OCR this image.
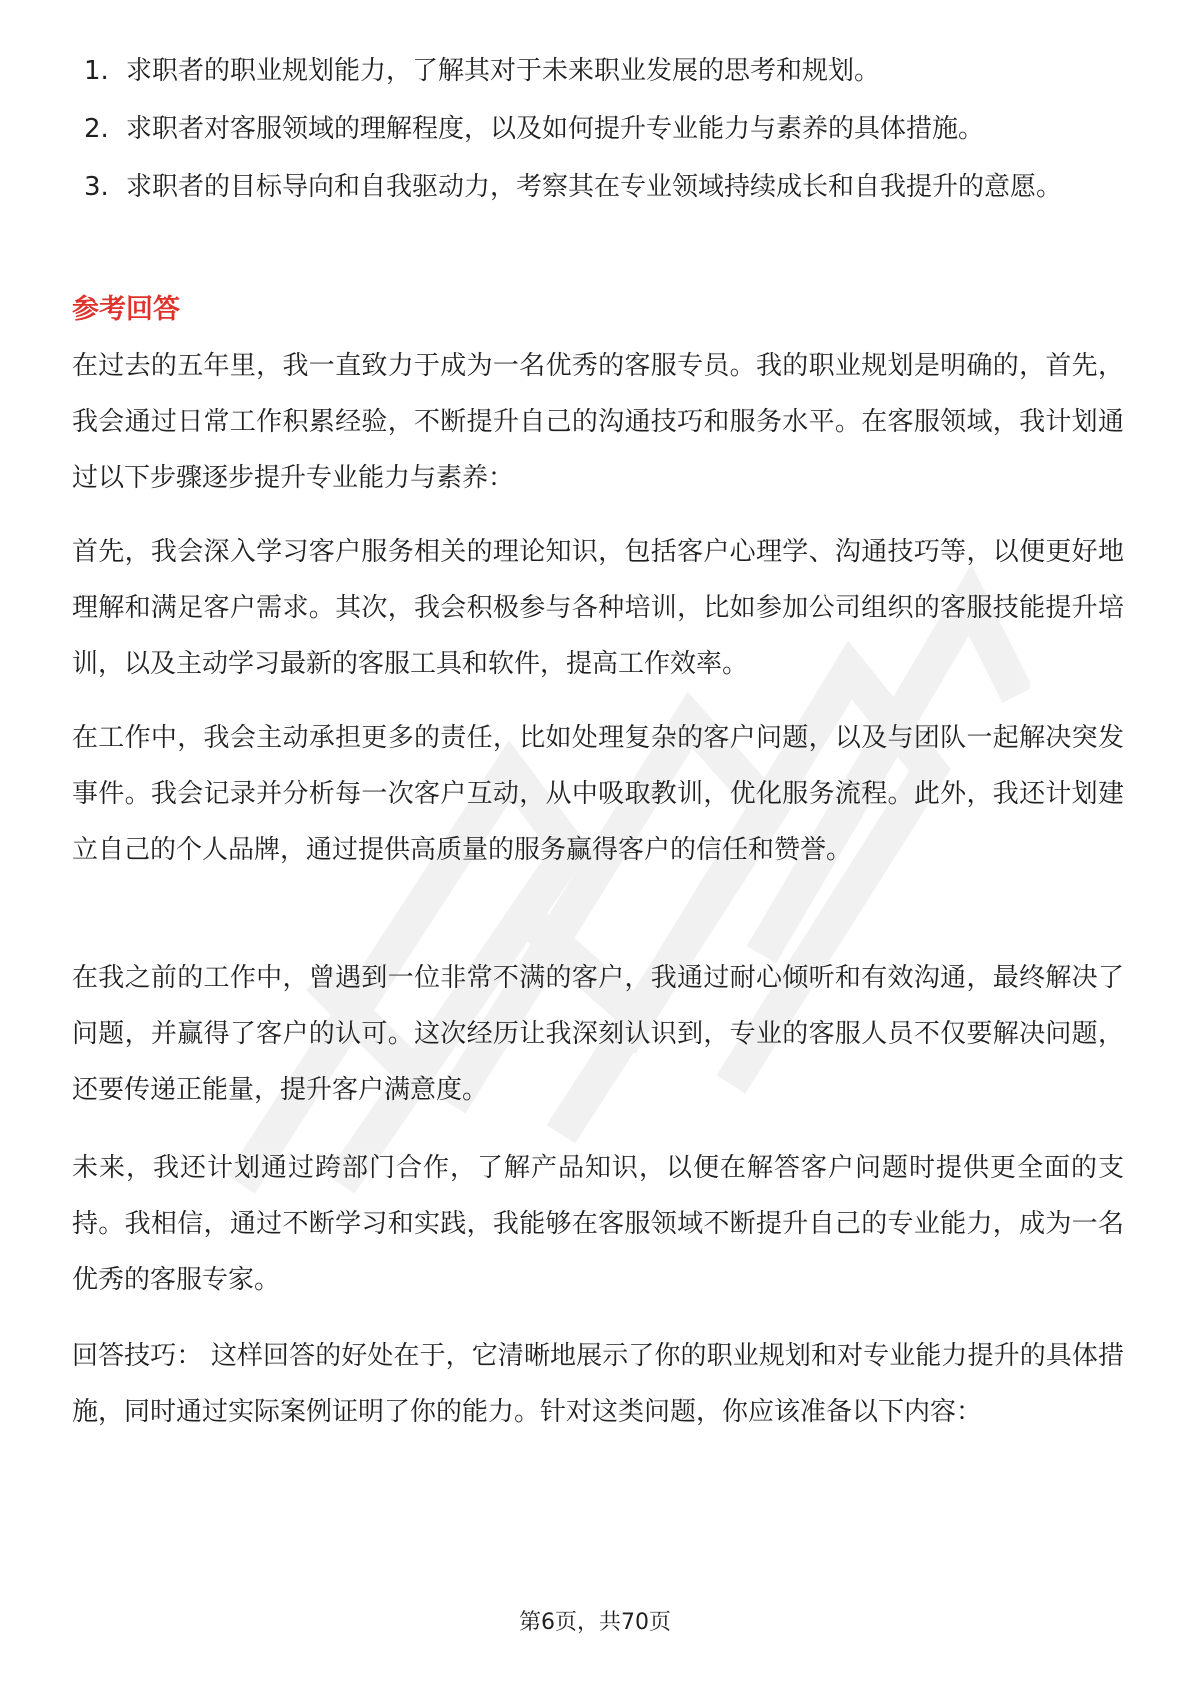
1. 求职者的职业规划能力，了解其对于未来职业发展的思考和规划。
2. 求职者对客服领域的理解程度，以及如何提升专业能力与素养的具体措施。
3. 求职者的目标导向和自我驱动力，考察其在专业领域持续成长和自我提升的意愿。
参考回答

在过去的五年里，我一直致力于成为一名优秀的客服专员。我的职业规划是明确的，首先，我会通过日常工作积累经验，不断提升自己的沟通技巧和服务水平。在客服领域，我计划通过以下步骤逐步提升专业能力与素养：

首先，我会深入学习客户服务相关的理论知识，包括客户心理学、沟通技巧等，以便更好地理解和满足客户需求。其次，我会积极参与各种培训，比如参加公司组织的客服技能提升培训，以及主动学习最新的客服工具和软件，提高工作效率。

在工作中，我会主动承担更多的责任，比如处理复杂的客户问题，以及与团队一起解决突发事件。我会记录并分析每一次客户互动，从中吸取教训，优化服务流程。此外，我还计划建立自己的个人品牌，通过提供高质量的服务赢得客户的信任和赞誉。

在我之前的工作中，曾遇到一位非常不满的客户，我通过耐心倾听和有效沟通，最终解决了问题，并赢得了客户的认可。这次经历让我深刻认识到，专业的客服人员不仅要解决问题，还要传递正能量，提升客户满意度。

未来，我还计划通过跨部门合作，了解产品知识，以便在解答客户问题时提供更全面的支持。我相信，通过不断学习和实践，我能够在客服领域不断提升自己的专业能力，成为一名优秀的客服专家。

回答技巧： 这样回答的好处在于，它清晰地展示了你的职业规划和对专业能力提升的具体措施，同时通过实际案例证明了你的能力。针对这类问题，你应该准备以下内容：

第6页，共70页
